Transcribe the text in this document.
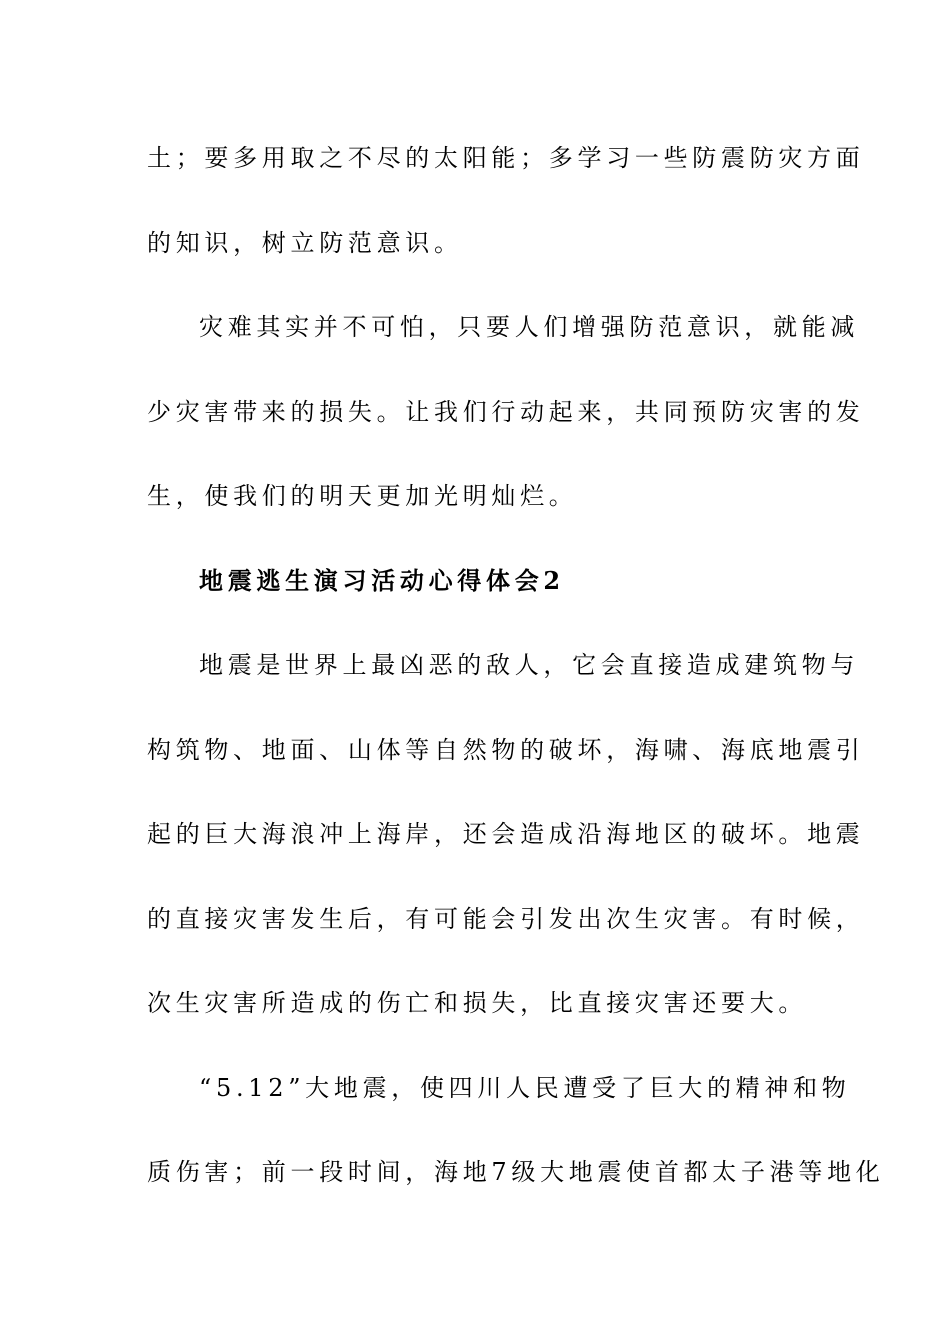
土；要多用取之不尽的太阳能；多学习一些防震防灾方面
的知识，树立防范意识。
灾难其实并不可怕，只要人们增强防范意识，就能减
少灾害带来的损失。让我们行动起来，共同预防灾害的发
生，使我们的明天更加光明灿烂。
地震逃生演习活动心得体会2
地震是世界上最凶恶的敌人，它会直接造成建筑物与
构筑物、地面、山体等自然物的破坏，海啸、海底地震引
起的巨大海浪冲上海岸，还会造成沿海地区的破坏。地震
的直接灾害发生后，有可能会引发出次生灾害。有时候，
次生灾害所造成的伤亡和损失，比直接灾害还要大。
“5.12”大地震，使四川人民遭受了巨大的精神和物
质伤害；前一段时间，海地7级大地震使首都太子港等地化
